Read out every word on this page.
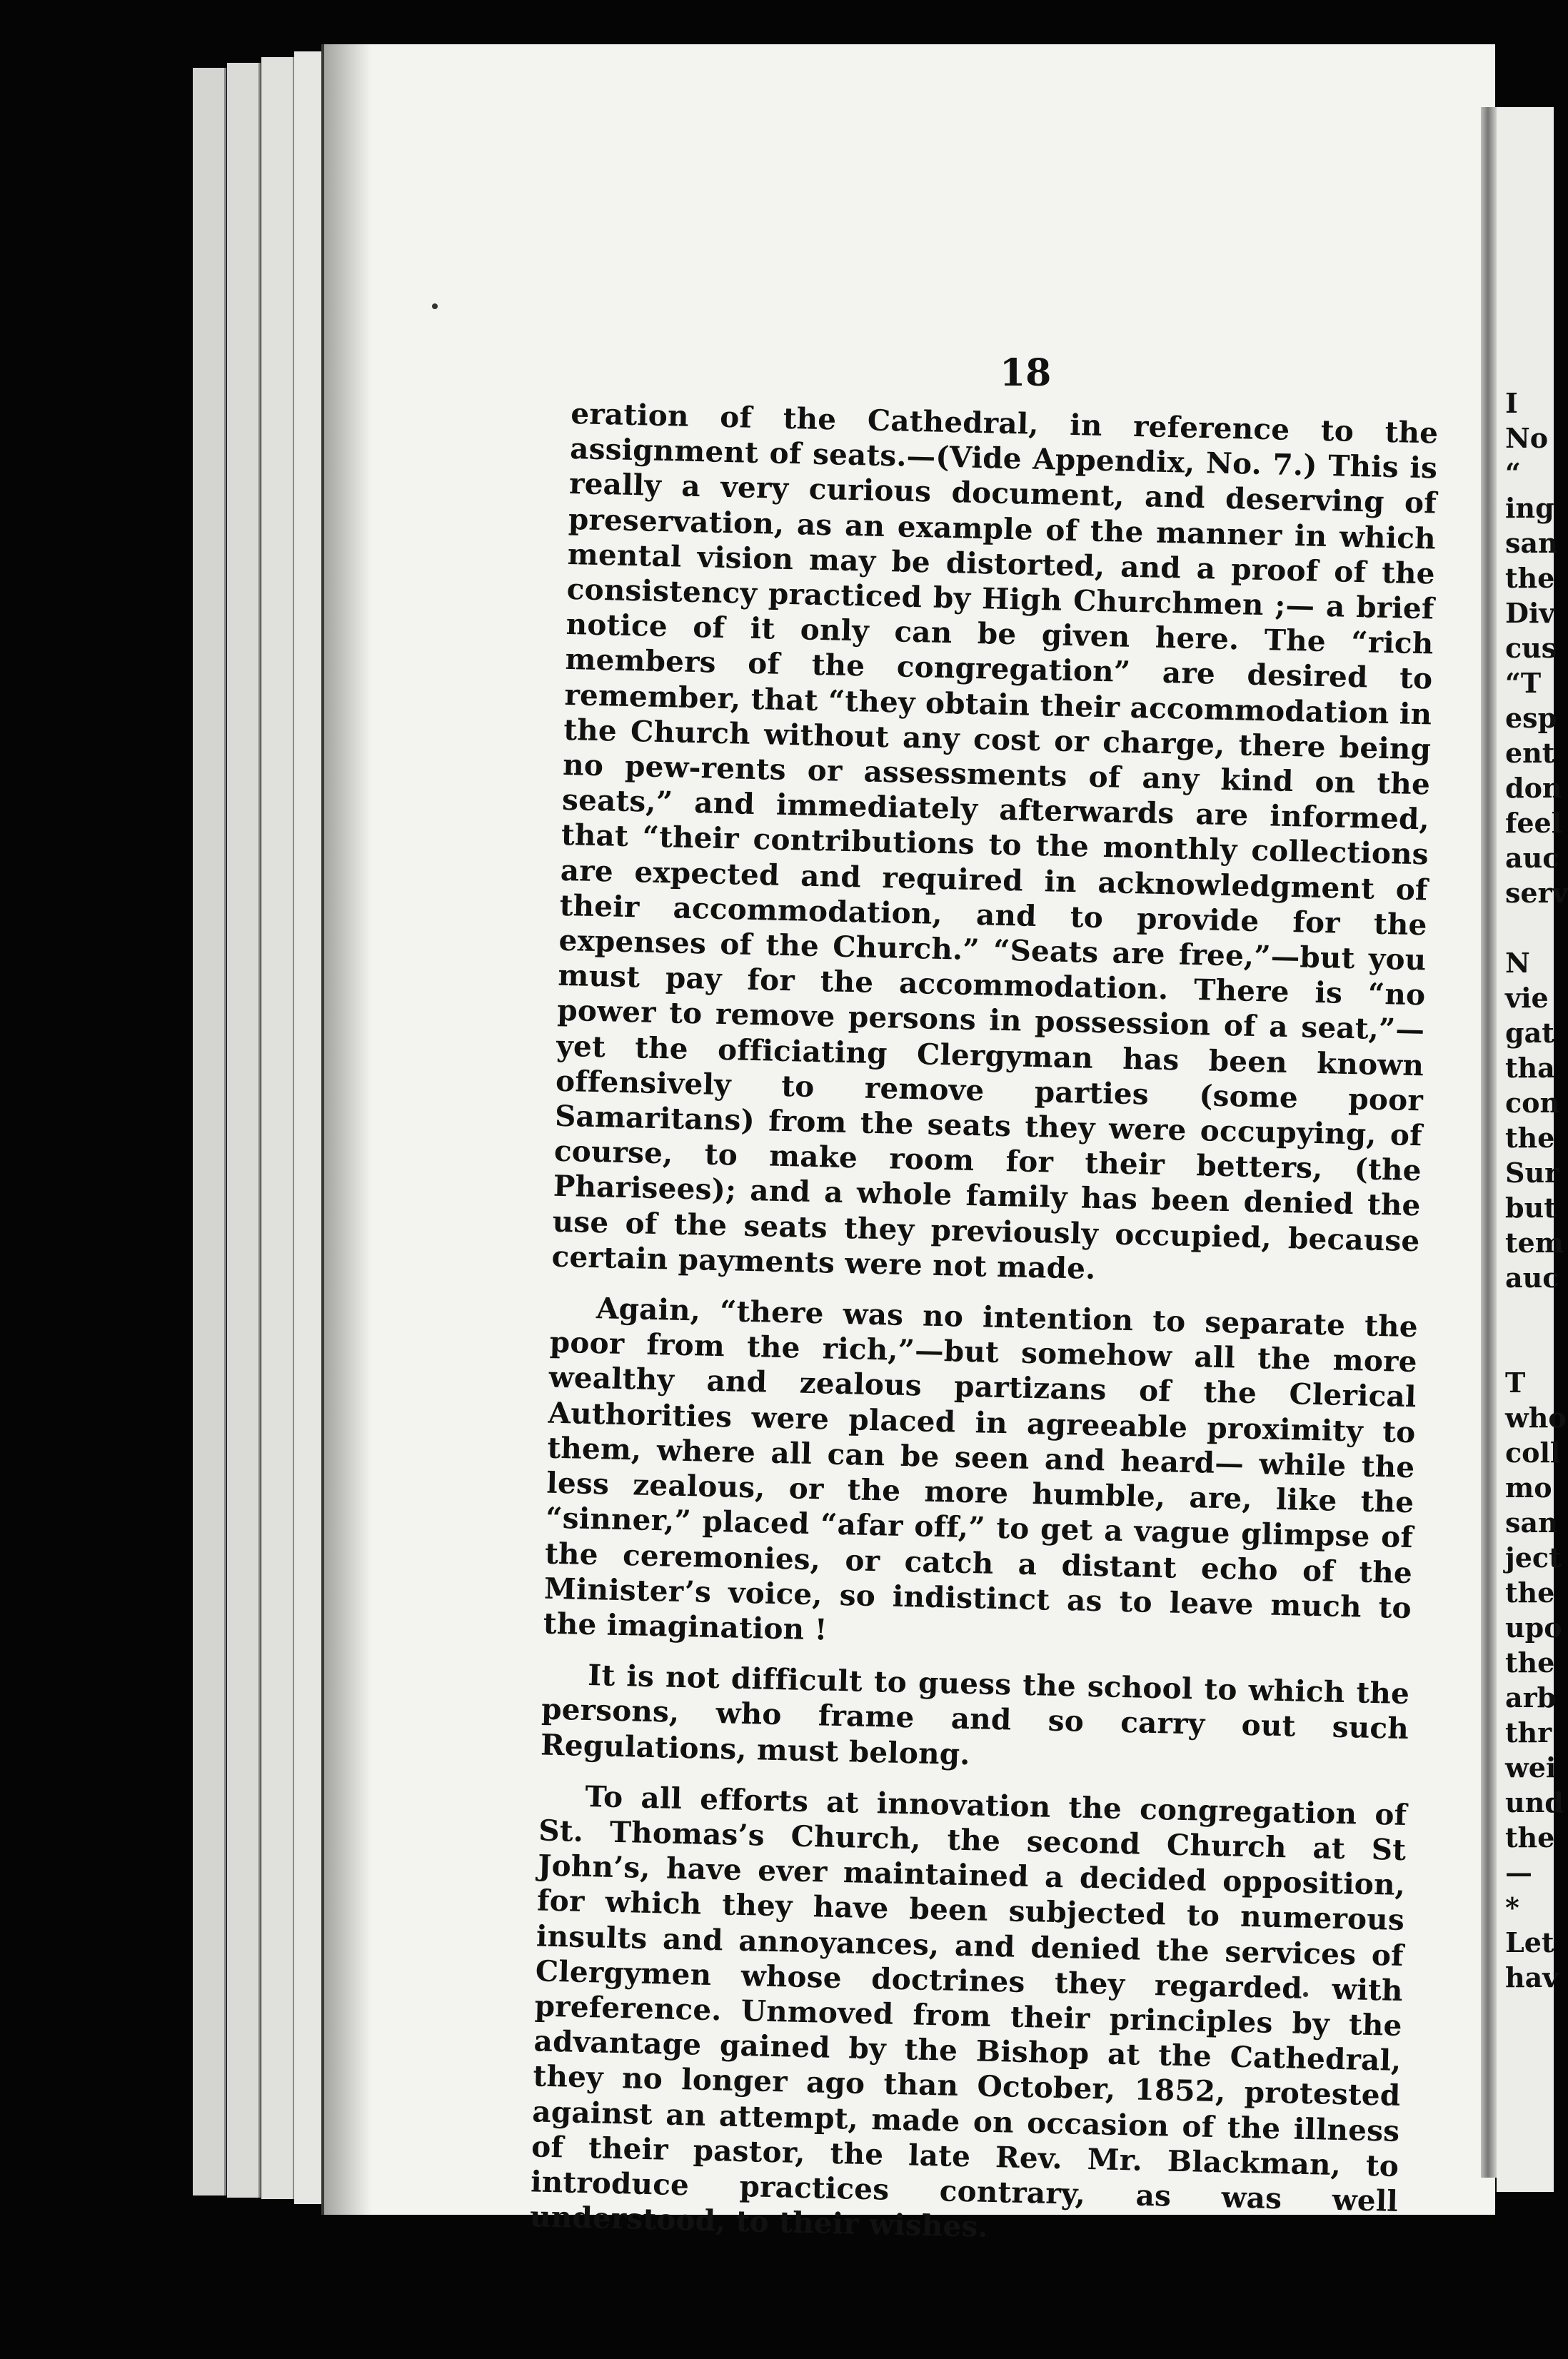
18

eration of the Cathedral, in reference to the assignment of seats.—(Vide Appendix, No. 7.) This is really a very curious document, and deserving of preservation, as an example of the manner in which mental vision may be distorted, and a proof of the consistency practiced by High Churchmen ;— a brief notice of it only can be given here. The “rich members of the congregation” are desired to remember, that “they obtain their accommodation in the Church without any cost or charge, there being no pew-rents or assessments of any kind on the seats,” and immediately afterwards are informed, that “their contributions to the monthly collections are expected and required in acknowledgment of their accommodation, and to provide for the expenses of the Church.” “Seats are free,”—but you must pay for the accommodation. There is “no power to remove persons in possession of a seat,”—yet the officiating Clergyman has been known offensively to remove parties (some poor Samaritans) from the seats they were occupying, of course, to make room for their betters, (the Pharisees); and a whole family has been denied the use of the seats they previously occupied, because certain payments were not made.

Again, “there was no intention to separate the poor from the rich,”—but somehow all the more wealthy and zealous partizans of the Clerical Authorities were placed in agreeable proximity to them, where all can be seen and heard— while the less zealous, or the more humble, are, like the “sinner,” placed “afar off,” to get a vague glimpse of the ceremonies, or catch a distant echo of the Minister’s voice, so indistinct as to leave much to the imagination !

It is not difficult to guess the school to which the persons, who frame and so carry out such Regulations, must belong.

To all efforts at innovation the congregation of St. Thomas’s Church, the second Church at St John’s, have ever maintained a decided opposition, for which they have been subjected to numerous insults and annoyances, and denied the services of Clergymen whose doctrines they regarded with preference. Unmoved from their principles by the advantage gained by the Bishop at the Cathedral, they no longer ago than October, 1852, protested against an attempt, made on occasion of the illness of their pastor, the late Rev. Mr. Blackman, to introduce practices contrary, as was well understood, to their wishes.

I
No
“
ing
san
the
Div
cus
“T
esp
ent
don
feel
auc
serv
N
vie
gat
tha
con
the
Sur
but
tem
auc
T
who
coll
mo
san
ject
the
upo
the
arb
thr
wei
und
the
—
*
Let
hav
